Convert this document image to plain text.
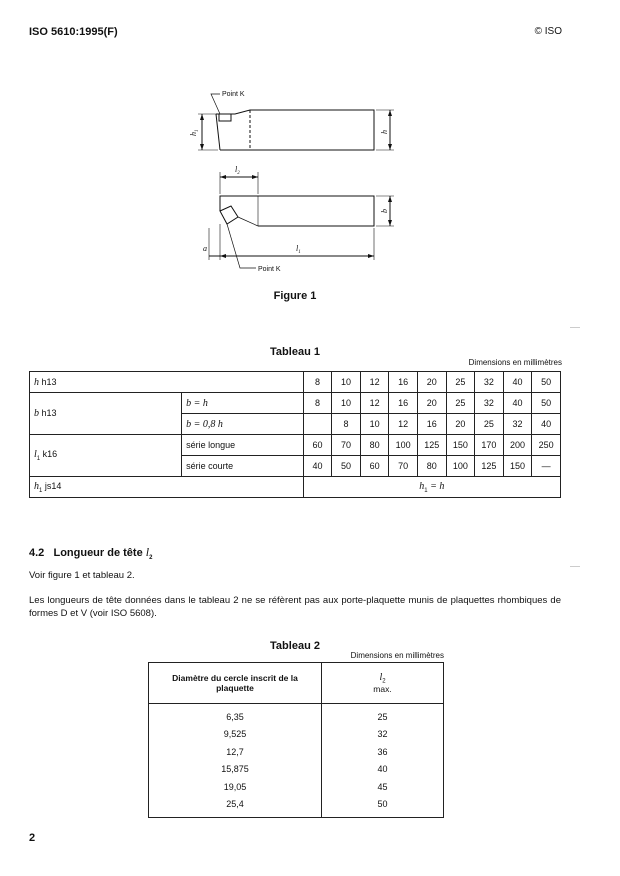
ISO 5610:1995(F)	© ISO
Point K
Point K
$h_1$	h
$l_2$
b
a	$l_1$
Figure 1
Tableau 1
Dimensions en millimètres
h h13		8	10	12	16	20	25	32	40	50
b h13	b = h	8	10	12	16	20	25	32	40	50
	b = 0,8 h		8	10	12	16	20	25	32	40
$l_1$ k16	série longue	60	70	80	100	125	150	170	200	250
	série courte	40	50	60	70	80	100	125	150	—
$h_1$ js14		$h_1 = h$								
4.2 Longueur de tête $l_2$
Voir figure 1 et tableau 2.
Les longueurs de tête données dans le tableau 2 ne se réfèrent pas aux porte-plaquette munis de plaquettes rhombiques de formes D et V (voir ISO 5608).
Tableau 2
Dimensions en millimètres
Diamètre du cercle inscrit de la plaquette	$l_2$
max.

6,35	25
9,525	32
12,7	36
15,875	40
19,05	45
25,4	50
2
